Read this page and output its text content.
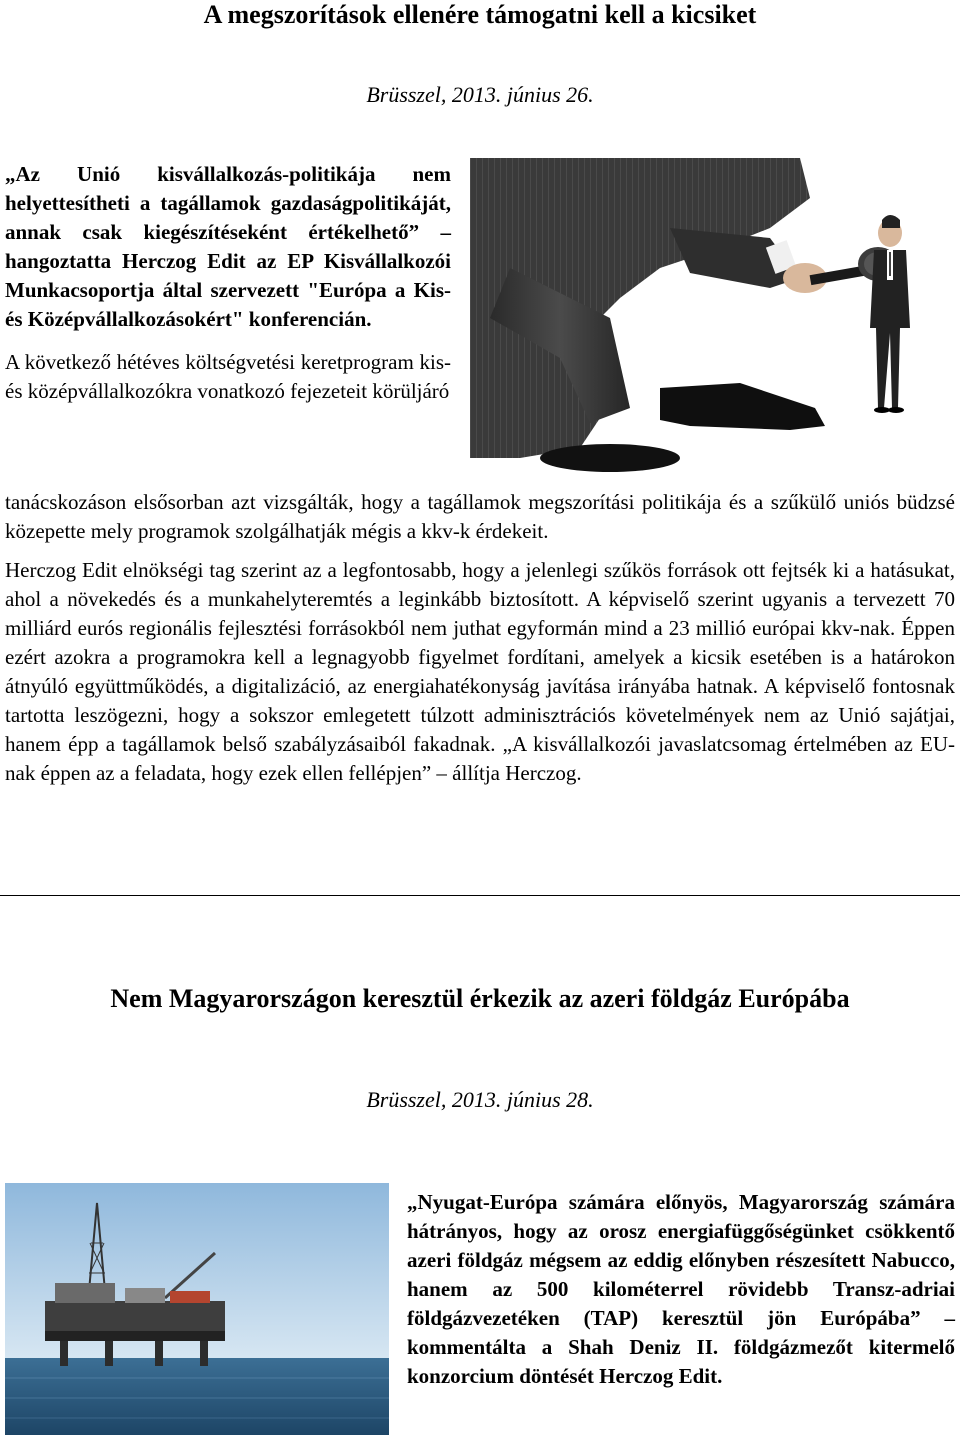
A megszorítások ellenére támogatni kell a kicsiket

Brüsszel, 2013. június 26.

„Az Unió kisvállalkozás-politikája nem helyettesítheti a tagállamok gazdaságpolitikáját, annak csak kiegészítéseként értékelhető” – hangoztatta Herczog Edit az EP Kisvállalkozói Munkacsoportja által szervezett "Európa a Kis- és Középvállalkozásokért" konferencián.

A következő hétéves költségvetési keretprogram kis- és középvállalkozókra vonatkozó fejezeteit körüljáró

tanácskozáson elsősorban azt vizsgálták, hogy a tagállamok megszorítási politikája és a szűkülő uniós büdzsé közepette mely programok szolgálhatják mégis a kkv-k érdekeit.

Herczog Edit elnökségi tag szerint az a legfontosabb, hogy a jelenlegi szűkös források ott fejtsék ki a hatásukat, ahol a növekedés és a munkahelyteremtés a leginkább biztosított. A képviselő szerint ugyanis a tervezett 70 milliárd eurós regionális fejlesztési forrásokból nem juthat egyformán mind a 23 millió európai kkv-nak. Éppen ezért azokra a programokra kell a legnagyobb figyelmet fordítani, amelyek a kicsik esetében is a határokon átnyúló együttműködés, a digitalizáció, az energiahatékonyság javítása irányába hatnak. A képviselő fontosnak tartotta leszögezni, hogy a sokszor emlegetett túlzott adminisztrációs követelmények nem az Unió sajátjai, hanem épp a tagállamok belső szabályzásaiból fakadnak. „A kisvállalkozói javaslatcsomag értelmében az EU-nak éppen az a feladata, hogy ezek ellen fellépjen” – állítja Herczog.

Nem Magyarországon keresztül érkezik az azeri földgáz Európába

Brüsszel, 2013. június 28.

„Nyugat-Európa számára előnyös, Magyarország számára hátrányos, hogy az orosz energiafüggőségünket csökkentő azeri földgáz mégsem az eddig előnyben részesített Nabucco, hanem az 500 kilométerrel rövidebb Transz-adriai földgázvezetéken (TAP) keresztül jön Európába” – kommentálta a Shah Deniz II. földgázmezőt kitermelő konzorcium döntését Herczog Edit.
